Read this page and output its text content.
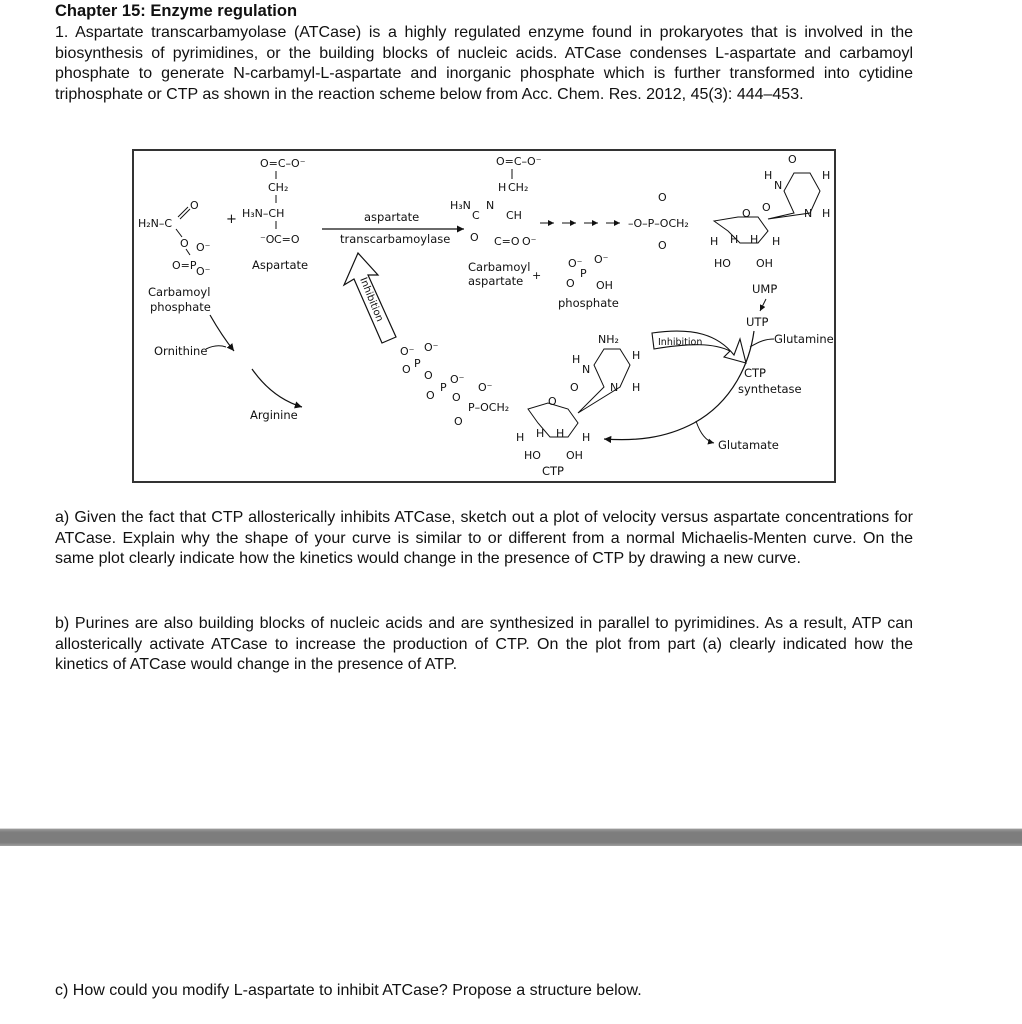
Chapter 15: Enzyme regulation
1. Aspartate transcarbamyolase (ATCase) is a highly regulated enzyme found in prokaryotes that is involved in the biosynthesis of pyrimidines, or the building blocks of nucleic acids. ATCase condenses L-aspartate and carbamoyl phosphate to generate N-carbamyl-L-aspartate and inorganic phosphate which is further transformed into cytidine triphosphate or CTP as shown in the reaction scheme below from Acc. Chem. Res. 2012, 45(3): 444–453.
H₂N–C
O
O
O=P
O⁻
O⁻
Carbamoyl
phosphate
+
O=C–O⁻
CH₂
H₃N–CH
⁻O C=O
Aspartate
aspartate
transcarbamoylase
Inhibition
O=C–O⁻
H CH₂
H₃N
C
N
CH
O C=O O⁻
Carbamoyl
aspartate +
O⁻ O⁻
P
O OH
phosphate
O
–O–P–OCH₂
O
O
H H H H
HO OH
O
H
N
O	N
H
H
UMP
UTP
Glutamine
CTP
synthetase
Glutamate
Inhibition
O⁻ O⁻
P
O O
P
O⁻
O O
O⁻
P–OCH₂
O
O
H H H H
HO OH
CTP
NH₂
H
N
O	N
H
H
Ornithine
Arginine
a) Given the fact that CTP allosterically inhibits ATCase, sketch out a plot of velocity versus aspartate concentrations for ATCase. Explain why the shape of your curve is similar to or different from a normal Michaelis-Menten curve. On the same plot clearly indicate how the kinetics would change in the presence of CTP by drawing a new curve.
b) Purines are also building blocks of nucleic acids and are synthesized in parallel to pyrimidines. As a result, ATP can allosterically activate ATCase to increase the production of CTP. On the plot from part (a) clearly indicated how the kinetics of ATCase would change in the presence of ATP.
c) How could you modify L-aspartate to inhibit ATCase? Propose a structure below.
